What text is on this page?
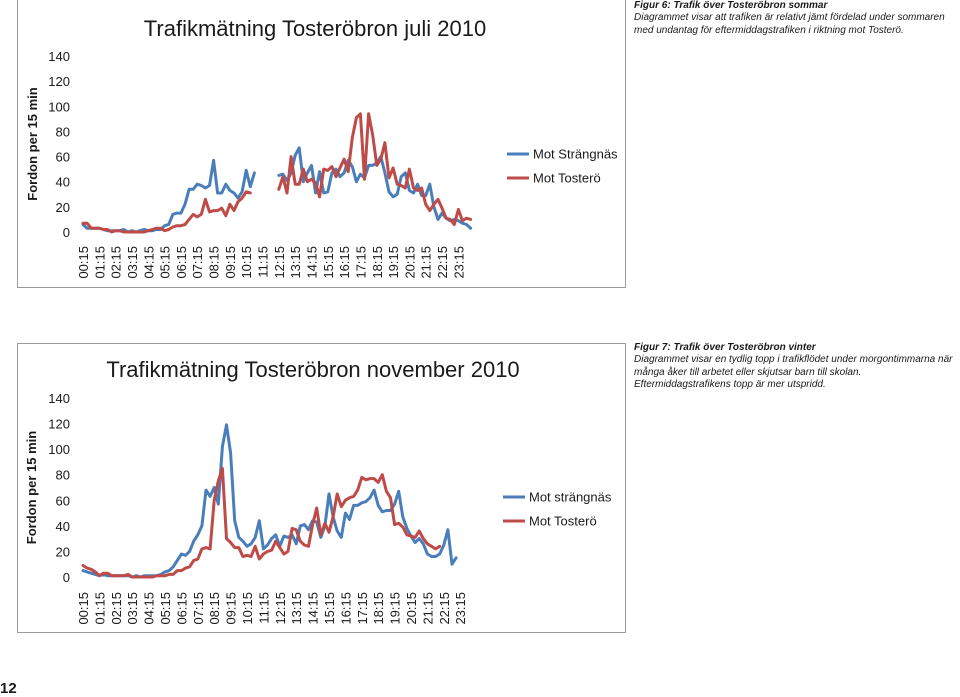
Trafikmätning Tosteröbron juli 2010
Fordon per 15 min
0
20
40
60
80
100
120
140
00:15 01:15 02:15 03:15 04:15 05:15 06:15 07:15 08:15 09:15 10:15 11:15 12:15 13:15 14:15 15:15 16:15 17:15 18:15 19:15 20:15 21:15 22:15 23:15
Mot Strängnäs
Mot Tosterö
Trafikmätning Tosteröbron november 2010
Fordon per 15 min
0
20
40
60
80
100
120
140
00:15 01:15 02:15 03:15 04:15 05:15 06:15 07:15 08:15 09:15 10:15 11:15 12:15 13:15 14:15 15:15 16:15 17:15 18:15 19:15 20:15 21:15 22:15 23:15
Mot strängnäs
Mot Tosterö
Figur 6: Trafik över Tosteröbron sommar
Diagrammet visar att trafiken är relativt jämt fördelad under sommaren med undantag för eftermiddagstrafiken i riktning mot Tosterö.
Figur 7: Trafik över Tosteröbron vinter
Diagrammet visar en tydlig topp i trafikflödet under morgontimmarna när många åker till arbetet eller skjutsar barn till skolan. Eftermiddagstrafikens topp är mer utspridd.
12
